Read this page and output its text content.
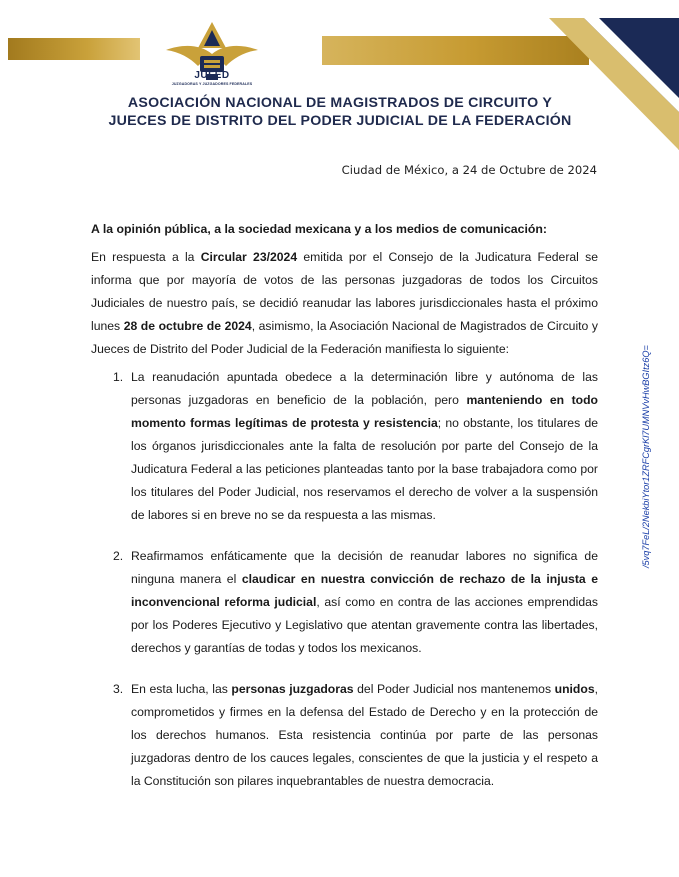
JUFED
JUZGADORAS Y JUZGADORES FEDERALES
ASOCIACIÓN NACIONAL DE MAGISTRADOS DE CIRCUITO Y
JUECES DE DISTRITO DEL PODER JUDICIAL DE LA FEDERACIÓN
Ciudad de México, a 24 de Octubre de 2024
A la opinión pública, a la sociedad mexicana y a los medios de comunicación:
En respuesta a la Circular 23/2024 emitida por el Consejo de la Judicatura Federal se informa que por mayoría de votos de las personas juzgadoras de todos los Circuitos Judiciales de nuestro país, se decidió reanudar las labores jurisdiccionales hasta el próximo lunes 28 de octubre de 2024, asimismo, la Asociación Nacional de Magistrados de Circuito y Jueces de Distrito del Poder Judicial de la Federación manifiesta lo siguiente:
1. La reanudación apuntada obedece a la determinación libre y autónoma de las personas juzgadoras en beneficio de la población, pero manteniendo en todo momento formas legítimas de protesta y resistencia; no obstante, los titulares de los órganos jurisdiccionales ante la falta de resolución por parte del Consejo de la Judicatura Federal a las peticiones planteadas tanto por la base trabajadora como por los titulares del Poder Judicial, nos reservamos el derecho de volver a la suspensión de labores si en breve no se da respuesta a las mismas.
2. Reafirmamos enfáticamente que la decisión de reanudar labores no significa de ninguna manera el claudicar en nuestra convicción de rechazo de la injusta e inconvencional reforma judicial, así como en contra de las acciones emprendidas por los Poderes Ejecutivo y Legislativo que atentan gravemente contra las libertades, derechos y garantías de todas y todos los mexicanos.
3. En esta lucha, las personas juzgadoras del Poder Judicial nos mantenemos unidos, comprometidos y firmes en la defensa del Estado de Derecho y en la protección de los derechos humanos. Esta resistencia continúa por parte de las personas juzgadoras dentro de los cauces legales, conscientes de que la justicia y el respeto a la Constitución son pilares inquebrantables de nuestra democracia.
/5vq7FeL/2NekbiYtor1ZRFCgrKl7UMNVvHwBGItz6Q=
